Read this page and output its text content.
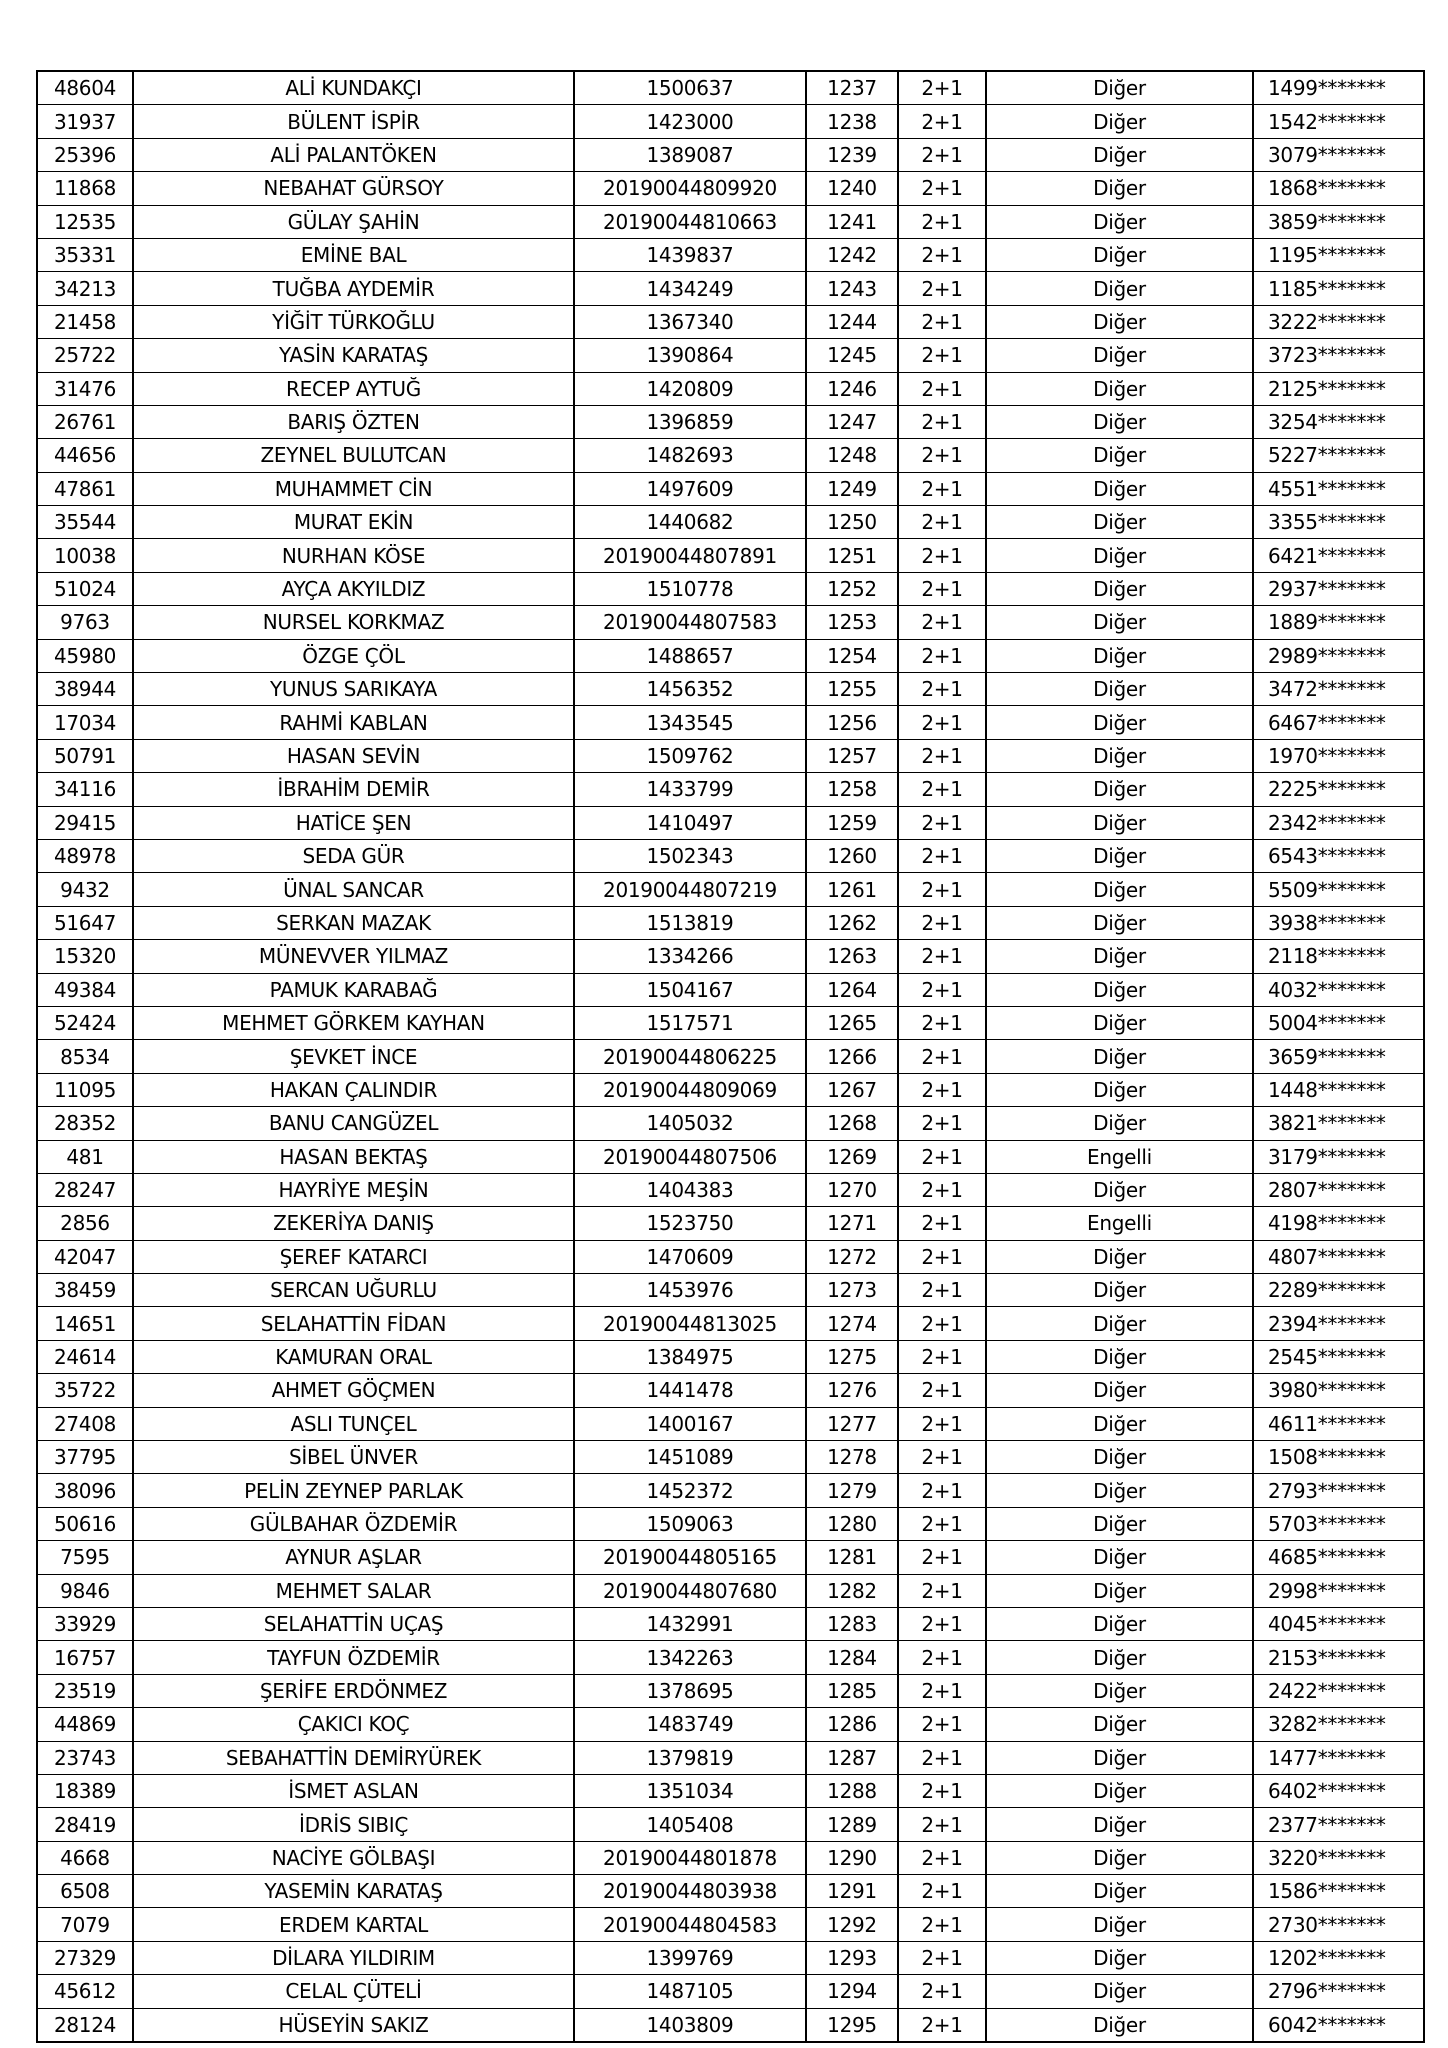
48604	ALİ KUNDAKÇI	1500637	1237	2+1	Diğer	1499*******
31937	BÜLENT İSPİR	1423000	1238	2+1	Diğer	1542*******
25396	ALİ PALANTÖKEN	1389087	1239	2+1	Diğer	3079*******
11868	NEBAHAT GÜRSOY	20190044809920	1240	2+1	Diğer	1868*******
12535	GÜLAY ŞAHİN	20190044810663	1241	2+1	Diğer	3859*******
35331	EMİNE BAL	1439837	1242	2+1	Diğer	1195*******
34213	TUĞBA AYDEMİR	1434249	1243	2+1	Diğer	1185*******
21458	YİĞİT TÜRKOĞLU	1367340	1244	2+1	Diğer	3222*******
25722	YASİN KARATAŞ	1390864	1245	2+1	Diğer	3723*******
31476	RECEP AYTUĞ	1420809	1246	2+1	Diğer	2125*******
26761	BARIŞ ÖZTEN	1396859	1247	2+1	Diğer	3254*******
44656	ZEYNEL BULUTCAN	1482693	1248	2+1	Diğer	5227*******
47861	MUHAMMET CİN	1497609	1249	2+1	Diğer	4551*******
35544	MURAT EKİN	1440682	1250	2+1	Diğer	3355*******
10038	NURHAN KÖSE	20190044807891	1251	2+1	Diğer	6421*******
51024	AYÇA AKYILDIZ	1510778	1252	2+1	Diğer	2937*******
9763	NURSEL KORKMAZ	20190044807583	1253	2+1	Diğer	1889*******
45980	ÖZGE ÇÖL	1488657	1254	2+1	Diğer	2989*******
38944	YUNUS SARIKAYA	1456352	1255	2+1	Diğer	3472*******
17034	RAHMİ KABLAN	1343545	1256	2+1	Diğer	6467*******
50791	HASAN SEVİN	1509762	1257	2+1	Diğer	1970*******
34116	İBRAHİM DEMİR	1433799	1258	2+1	Diğer	2225*******
29415	HATİCE ŞEN	1410497	1259	2+1	Diğer	2342*******
48978	SEDA GÜR	1502343	1260	2+1	Diğer	6543*******
9432	ÜNAL SANCAR	20190044807219	1261	2+1	Diğer	5509*******
51647	SERKAN MAZAK	1513819	1262	2+1	Diğer	3938*******
15320	MÜNEVVER YILMAZ	1334266	1263	2+1	Diğer	2118*******
49384	PAMUK KARABAĞ	1504167	1264	2+1	Diğer	4032*******
52424	MEHMET GÖRKEM KAYHAN	1517571	1265	2+1	Diğer	5004*******
8534	ŞEVKET İNCE	20190044806225	1266	2+1	Diğer	3659*******
11095	HAKAN ÇALINDIR	20190044809069	1267	2+1	Diğer	1448*******
28352	BANU CANGÜZEL	1405032	1268	2+1	Diğer	3821*******
481	HASAN BEKTAŞ	20190044807506	1269	2+1	Engelli	3179*******
28247	HAYRİYE MEŞİN	1404383	1270	2+1	Diğer	2807*******
2856	ZEKERİYA DANIŞ	1523750	1271	2+1	Engelli	4198*******
42047	ŞEREF KATARCI	1470609	1272	2+1	Diğer	4807*******
38459	SERCAN UĞURLU	1453976	1273	2+1	Diğer	2289*******
14651	SELAHATTİN FİDAN	20190044813025	1274	2+1	Diğer	2394*******
24614	KAMURAN ORAL	1384975	1275	2+1	Diğer	2545*******
35722	AHMET GÖÇMEN	1441478	1276	2+1	Diğer	3980*******
27408	ASLI TUNÇEL	1400167	1277	2+1	Diğer	4611*******
37795	SİBEL ÜNVER	1451089	1278	2+1	Diğer	1508*******
38096	PELİN ZEYNEP PARLAK	1452372	1279	2+1	Diğer	2793*******
50616	GÜLBAHAR ÖZDEMİR	1509063	1280	2+1	Diğer	5703*******
7595	AYNUR AŞLAR	20190044805165	1281	2+1	Diğer	4685*******
9846	MEHMET SALAR	20190044807680	1282	2+1	Diğer	2998*******
33929	SELAHATTİN UÇAŞ	1432991	1283	2+1	Diğer	4045*******
16757	TAYFUN ÖZDEMİR	1342263	1284	2+1	Diğer	2153*******
23519	ŞERİFE ERDÖNMEZ	1378695	1285	2+1	Diğer	2422*******
44869	ÇAKICI KOÇ	1483749	1286	2+1	Diğer	3282*******
23743	SEBAHATTİN DEMİRYÜREK	1379819	1287	2+1	Diğer	1477*******
18389	İSMET ASLAN	1351034	1288	2+1	Diğer	6402*******
28419	İDRİS SIBIÇ	1405408	1289	2+1	Diğer	2377*******
4668	NACİYE GÖLBAŞI	20190044801878	1290	2+1	Diğer	3220*******
6508	YASEMİN KARATAŞ	20190044803938	1291	2+1	Diğer	1586*******
7079	ERDEM KARTAL	20190044804583	1292	2+1	Diğer	2730*******
27329	DİLARA YILDIRIM	1399769	1293	2+1	Diğer	1202*******
45612	CELAL ÇÜTELİ	1487105	1294	2+1	Diğer	2796*******
28124	HÜSEYİN SAKIZ	1403809	1295	2+1	Diğer	6042*******
